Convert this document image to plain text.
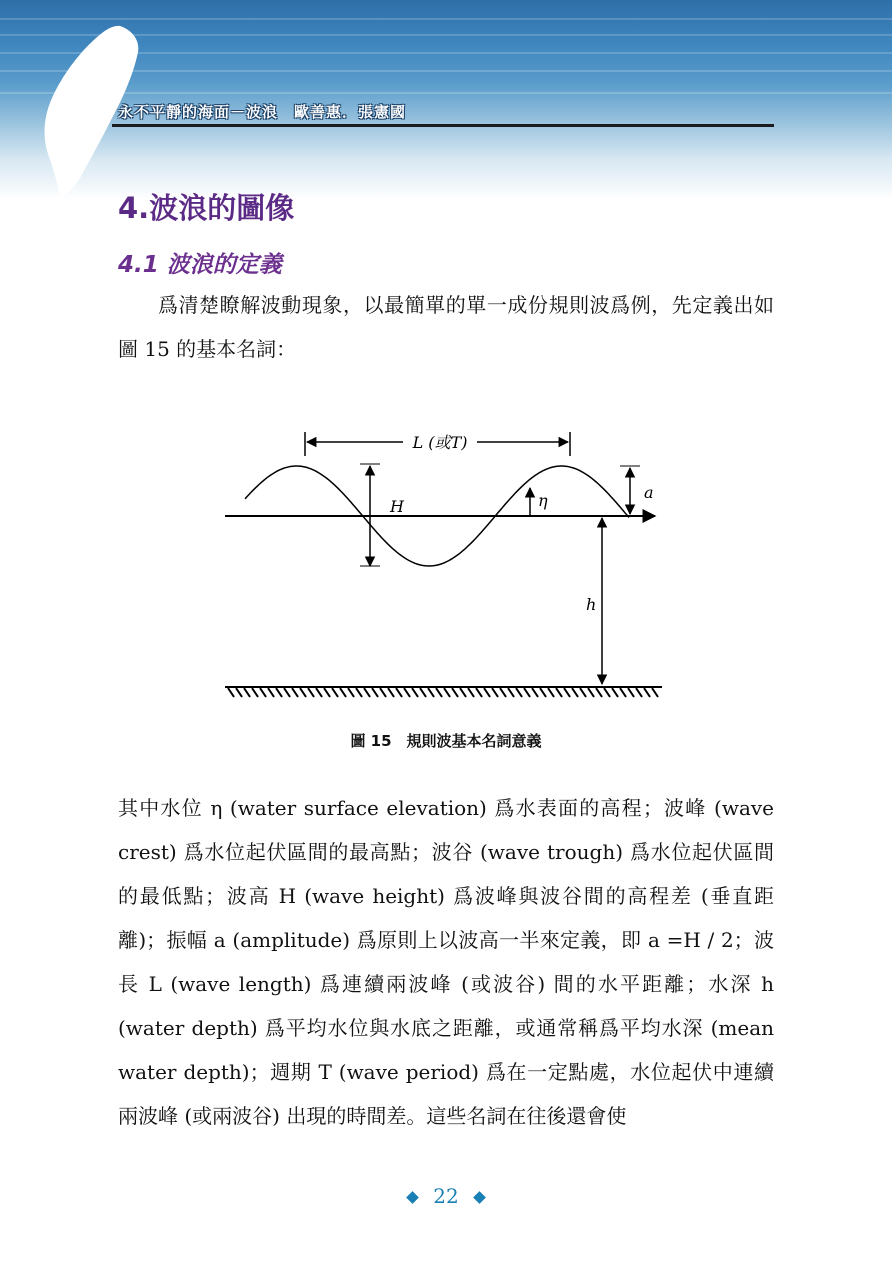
永不平靜的海面－波浪　歐善惠．張憲國
4.波浪的圖像
4.1 波浪的定義
爲清楚瞭解波動現象，以最簡單的單一成份規則波爲例，先定義出如圖 15 的基本名詞：
L (或T)
H	η	a
h
圖 15　規則波基本名詞意義
其中水位 η (water surface elevation) 爲水表面的高程；波峰 (wave crest) 爲水位起伏區間的最高點；波谷 (wave trough) 爲水位起伏區間的最低點；波高 H (wave height) 爲波峰與波谷間的高程差 (垂直距離)；振幅 a (amplitude) 爲原則上以波高一半來定義，即 a =H / 2；波長 L (wave length) 爲連續兩波峰 (或波谷) 間的水平距離；水深 h (water depth) 爲平均水位與水底之距離，或通常稱爲平均水深 (mean water depth)；週期 T (wave period) 爲在一定點處，水位起伏中連續兩波峰 (或兩波谷) 出現的時間差。這些名詞在往後還會使
22
